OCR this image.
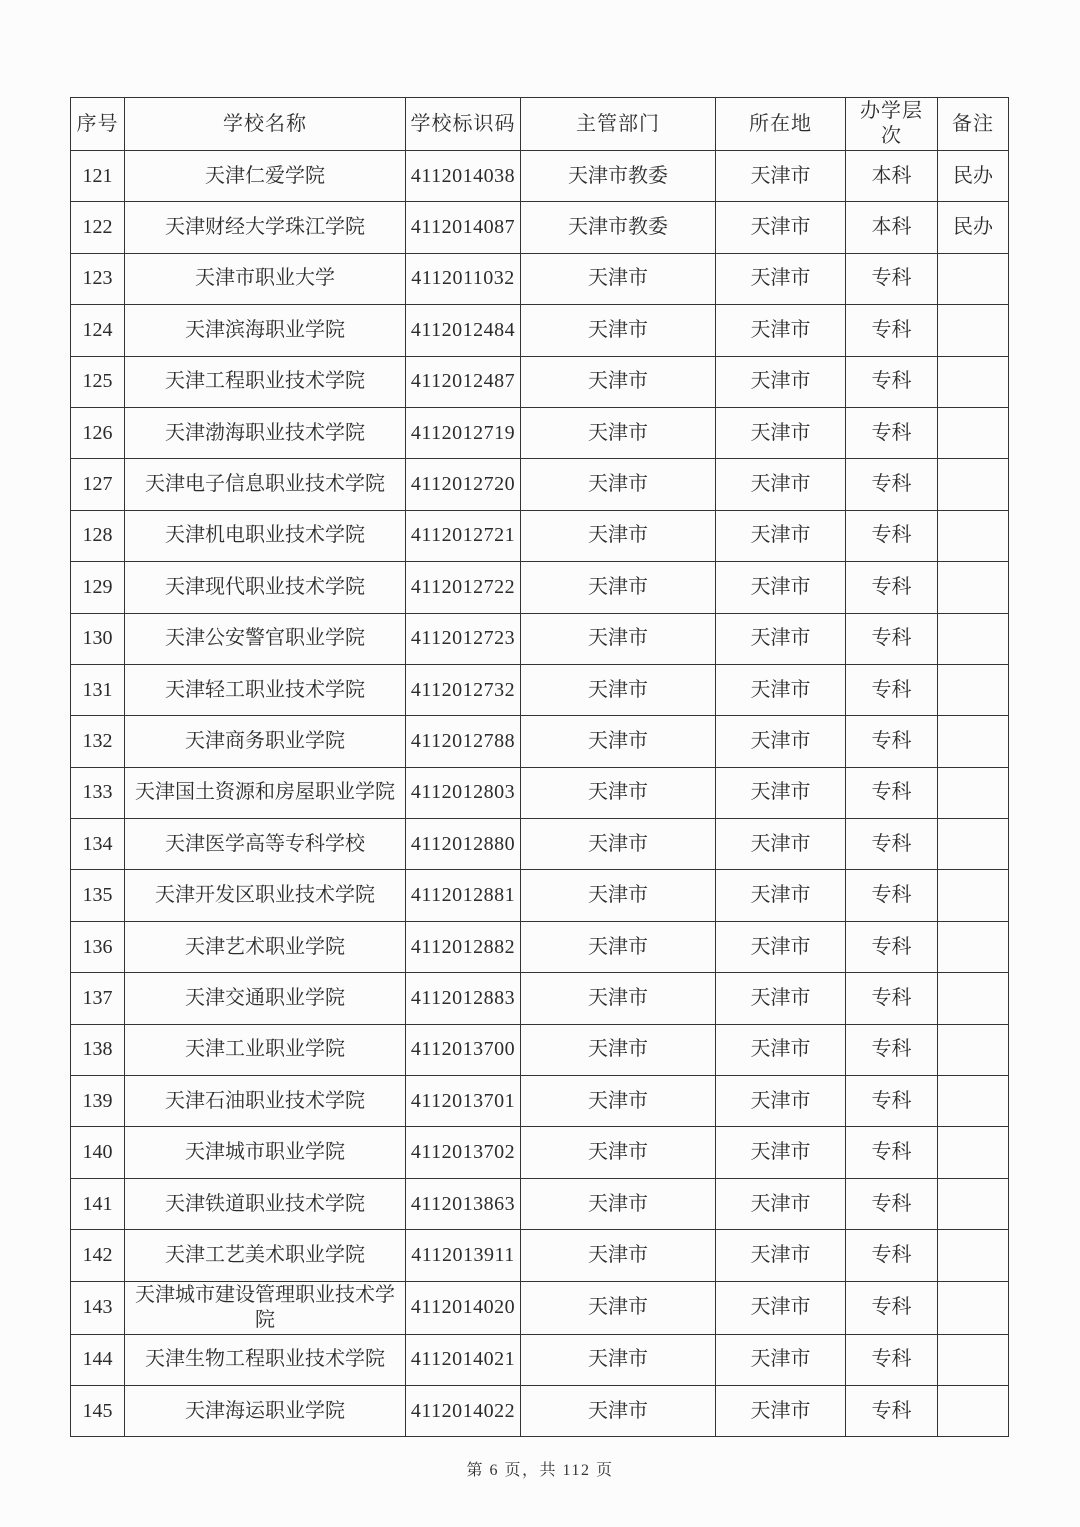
序号	学校名称	学校标识码	主管部门	所在地	办学层次	备注
121	天津仁爱学院	4112014038	天津市教委	天津市	本科	民办
122	天津财经大学珠江学院	4112014087	天津市教委	天津市	本科	民办
123	天津市职业大学	4112011032	天津市	天津市	专科	
124	天津滨海职业学院	4112012484	天津市	天津市	专科	
125	天津工程职业技术学院	4112012487	天津市	天津市	专科	
126	天津渤海职业技术学院	4112012719	天津市	天津市	专科	
127	天津电子信息职业技术学院	4112012720	天津市	天津市	专科	
128	天津机电职业技术学院	4112012721	天津市	天津市	专科	
129	天津现代职业技术学院	4112012722	天津市	天津市	专科	
130	天津公安警官职业学院	4112012723	天津市	天津市	专科	
131	天津轻工职业技术学院	4112012732	天津市	天津市	专科	
132	天津商务职业学院	4112012788	天津市	天津市	专科	
133	天津国土资源和房屋职业学院	4112012803	天津市	天津市	专科	
134	天津医学高等专科学校	4112012880	天津市	天津市	专科	
135	天津开发区职业技术学院	4112012881	天津市	天津市	专科	
136	天津艺术职业学院	4112012882	天津市	天津市	专科	
137	天津交通职业学院	4112012883	天津市	天津市	专科	
138	天津工业职业学院	4112013700	天津市	天津市	专科	
139	天津石油职业技术学院	4112013701	天津市	天津市	专科	
140	天津城市职业学院	4112013702	天津市	天津市	专科	
141	天津铁道职业技术学院	4112013863	天津市	天津市	专科	
142	天津工艺美术职业学院	4112013911	天津市	天津市	专科	
143	天津城市建设管理职业技术学院	4112014020	天津市	天津市	专科	
144	天津生物工程职业技术学院	4112014021	天津市	天津市	专科	
145	天津海运职业学院	4112014022	天津市	天津市	专科	
第 6 页，共 112 页
